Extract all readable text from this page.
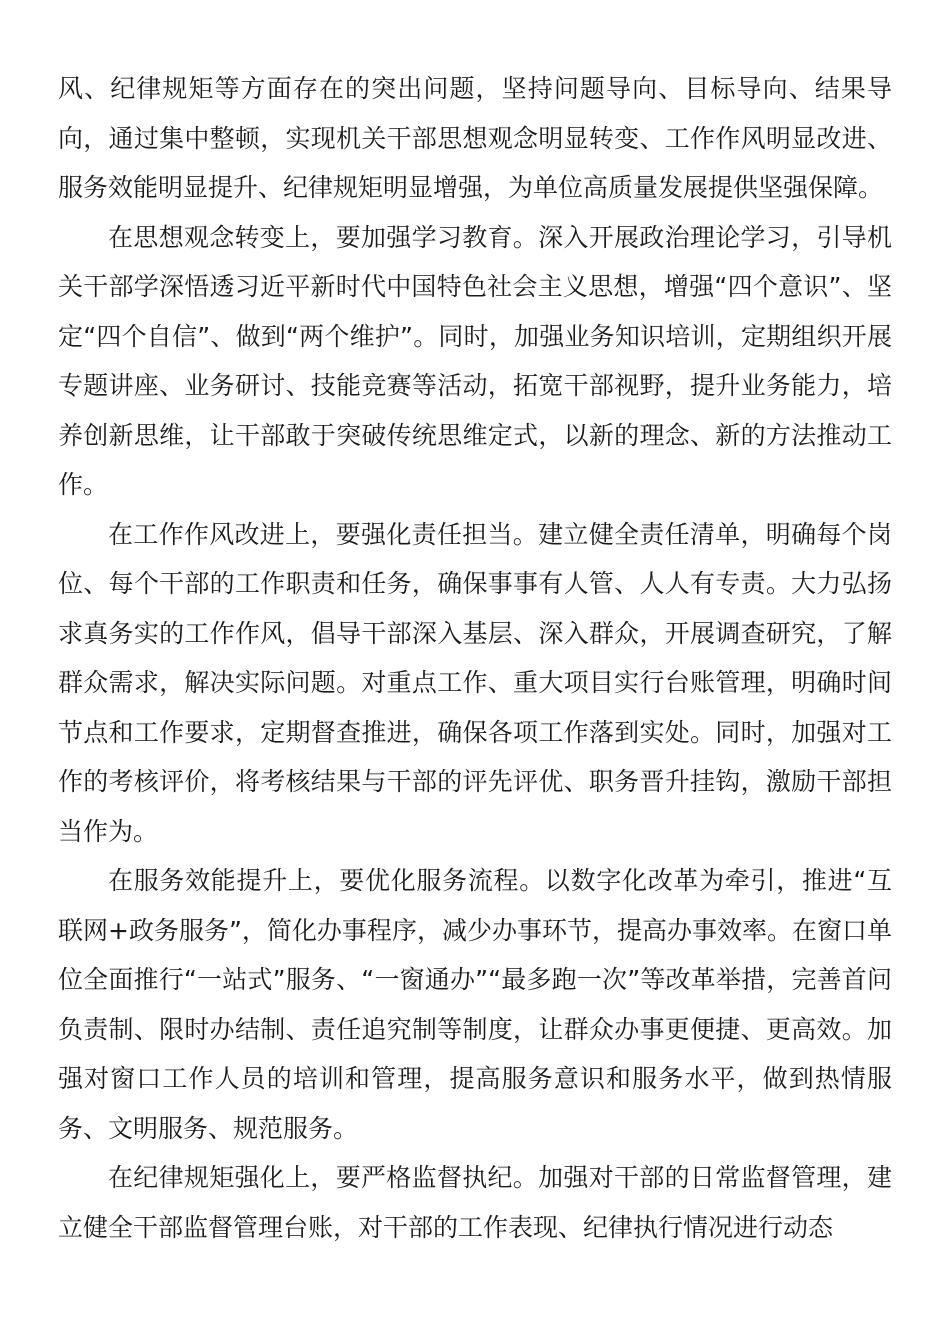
风、纪律规矩等方面存在的突出问题，坚持问题导向、目标导向、结果导向，通过集中整顿，实现机关干部思想观念明显转变、工作作风明显改进、服务效能明显提升、纪律规矩明显增强，为单位高质量发展提供坚强保障。

在思想观念转变上，要加强学习教育。深入开展政治理论学习，引导机关干部学深悟透习近平新时代中国特色社会主义思想，增强“四个意识”、坚定“四个自信”、做到“两个维护”。同时，加强业务知识培训，定期组织开展专题讲座、业务研讨、技能竞赛等活动，拓宽干部视野，提升业务能力，培养创新思维，让干部敢于突破传统思维定式，以新的理念、新的方法推动工作。

在工作作风改进上，要强化责任担当。建立健全责任清单，明确每个岗位、每个干部的工作职责和任务，确保事事有人管、人人有专责。大力弘扬求真务实的工作作风，倡导干部深入基层、深入群众，开展调查研究，了解群众需求，解决实际问题。对重点工作、重大项目实行台账管理，明确时间节点和工作要求，定期督查推进，确保各项工作落到实处。同时，加强对工作的考核评价，将考核结果与干部的评先评优、职务晋升挂钩，激励干部担当作为。

在服务效能提升上，要优化服务流程。以数字化改革为牵引，推进“互联网+政务服务”，简化办事程序，减少办事环节，提高办事效率。在窗口单位全面推行“一站式”服务、“一窗通办”“最多跑一次”等改革举措，完善首问负责制、限时办结制、责任追究制等制度，让群众办事更便捷、更高效。加强对窗口工作人员的培训和管理，提高服务意识和服务水平，做到热情服务、文明服务、规范服务。

在纪律规矩强化上，要严格监督执纪。加强对干部的日常监督管理，建立健全干部监督管理台账，对干部的工作表现、纪律执行情况进行动态
